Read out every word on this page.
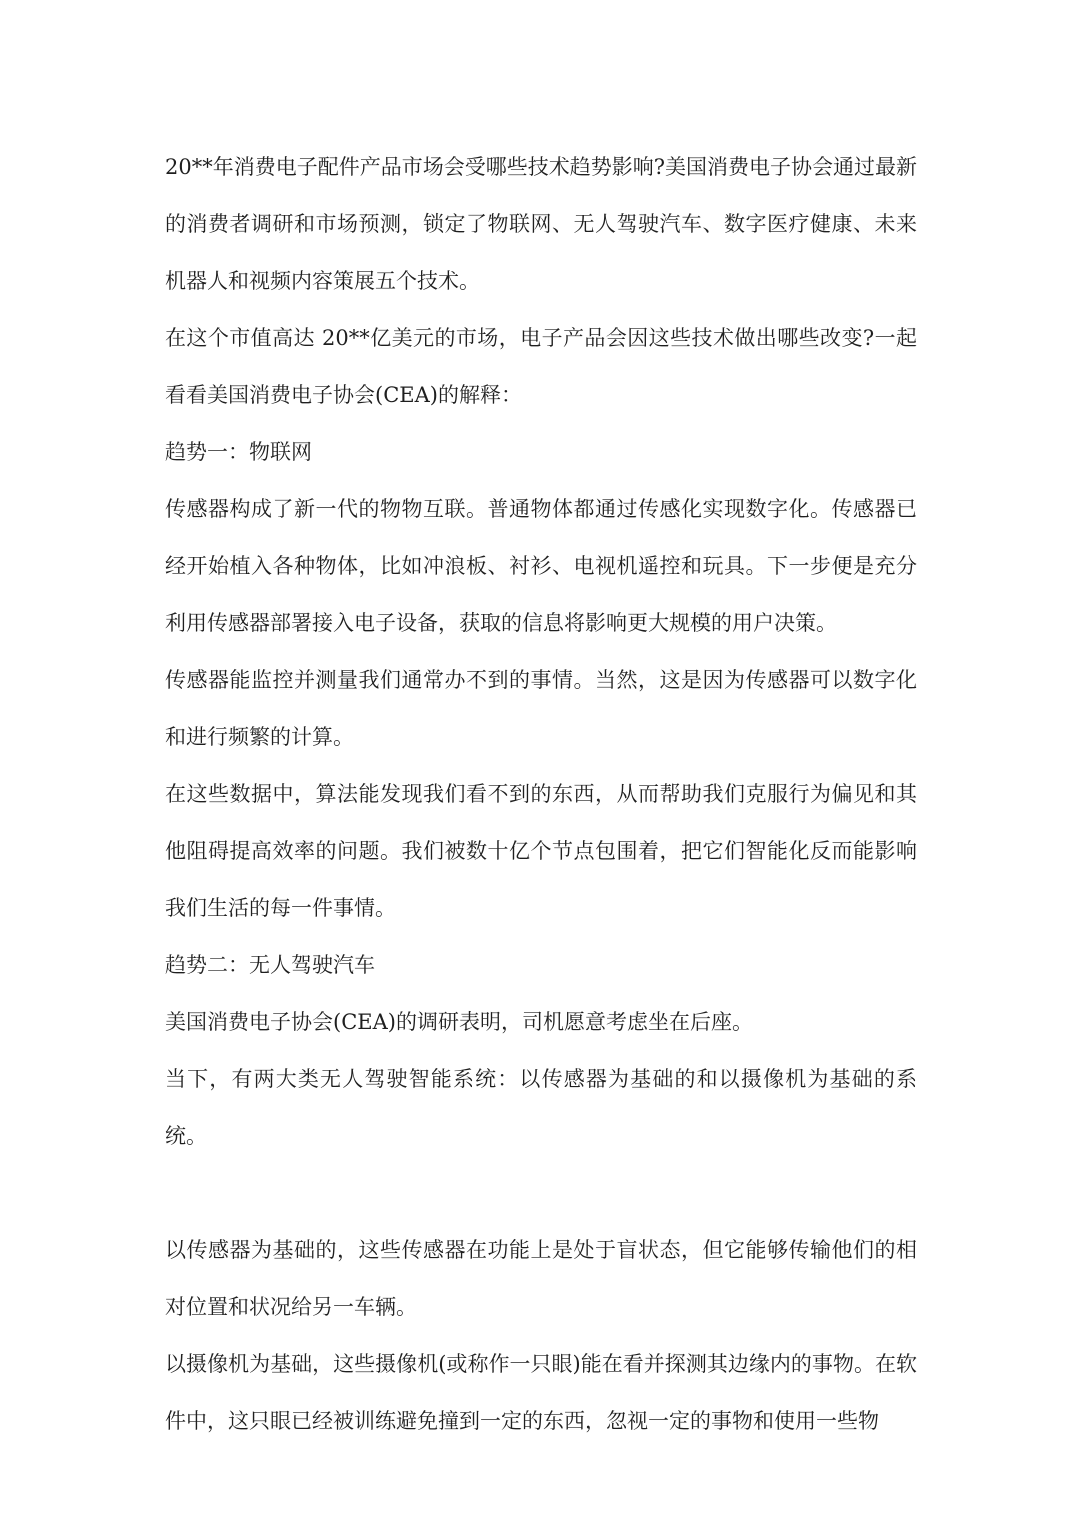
20**年消费电子配件产品市场会受哪些技术趋势影响?美国消费电子协会通过最新的消费者调研和市场预测，锁定了物联网、无人驾驶汽车、数字医疗健康、未来机器人和视频内容策展五个技术。

在这个市值高达 20**亿美元的市场，电子产品会因这些技术做出哪些改变?一起看看美国消费电子协会(CEA)的解释：

趋势一：物联网

传感器构成了新一代的物物互联。普通物体都通过传感化实现数字化。传感器已经开始植入各种物体，比如冲浪板、衬衫、电视机遥控和玩具。下一步便是充分利用传感器部署接入电子设备，获取的信息将影响更大规模的用户决策。

传感器能监控并测量我们通常办不到的事情。当然，这是因为传感器可以数字化和进行频繁的计算。

在这些数据中，算法能发现我们看不到的东西，从而帮助我们克服行为偏见和其他阻碍提高效率的问题。我们被数十亿个节点包围着，把它们智能化反而能影响我们生活的每一件事情。

趋势二：无人驾驶汽车

美国消费电子协会(CEA)的调研表明，司机愿意考虑坐在后座。

当下，有两大类无人驾驶智能系统：以传感器为基础的和以摄像机为基础的系统。

以传感器为基础的，这些传感器在功能上是处于盲状态，但它能够传输他们的相对位置和状况给另一车辆。

以摄像机为基础，这些摄像机(或称作一只眼)能在看并探测其边缘内的事物。在软件中，这只眼已经被训练避免撞到一定的东西，忽视一定的事物和使用一些物
